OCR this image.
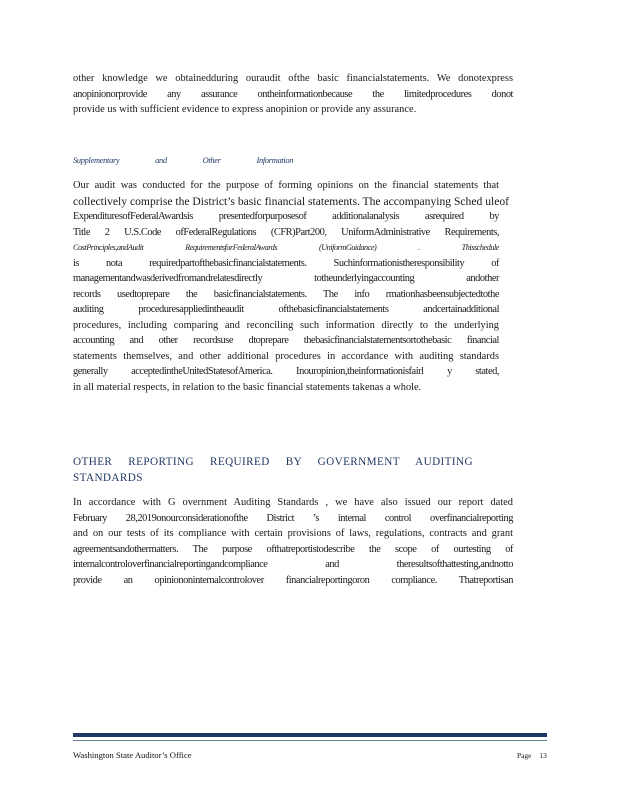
other knowledge we obtainedduring ouraudit ofthe basic financialstatements. We donotexpress
anopinionorprovide any assurance ontheinformationbecause the limitedprocedures donot
provide us with sufficient evidence to express anopinion or provide any assurance.
Supplementary	and	Other	Information
Our audit was conducted for the purpose of forming opinions on the financial statements that
collectively comprise the District’s basic financial statements. The accompanying Sched uleof
ExpendituresofFederalAwardsis presentedforpurposesof additionalanalysis asrequired by
Title 2 U.S.Code ofFederalRegulations (CFR)Part200, UniformAdministrative Requirements,
CostPrinciples,andAudit RequirementsforFederalAwards (UniformGuidance) . Thisschedule
is nota requiredpartofthebasicfinancialstatements. Suchinformationistheresponsibility of
managementandwasderivedfromandrelatesdirectly totheunderlyingaccounting andother
records usedtoprepare the basicfinancialstatements. The info rmationhasbeensubjectedtothe
auditing proceduresappliedintheaudit ofthebasicfinancialstatements andcertainadditional
procedures, including comparing and reconciling such information directly to the underlying
accounting and other recordsuse dtoprepare thebasicfinancialstatementsortothebasic financial
statements themselves, and other additional procedures in accordance with auditing standards
generally acceptedintheUnitedStatesofAmerica. Inouropinion,theinformationisfairl y stated,
in all material respects, in relation to the basic financial statements takenas a whole.
OTHER REPORTING REQUIRED BY GOVERNMENT AUDITING
STANDARDS
In accordance with G overnment Auditing Standards , we have also issued our report dated
February 28,2019onourconsiderationofthe District ’s internal control overfinancialreporting
and on our tests of its compliance with certain provisions of laws, regulations, contracts and grant
agreementsandothermatters. The purpose ofthatreportistodescribe the scope of ourtesting of
internalcontroloverfinancialreportingandcompliance and theresultsofthattesting,andnotto
provide an opiniononinternalcontrolover financialreportingoron compliance. Thatreportisan
Washington State Auditor’s Office	Page 13
